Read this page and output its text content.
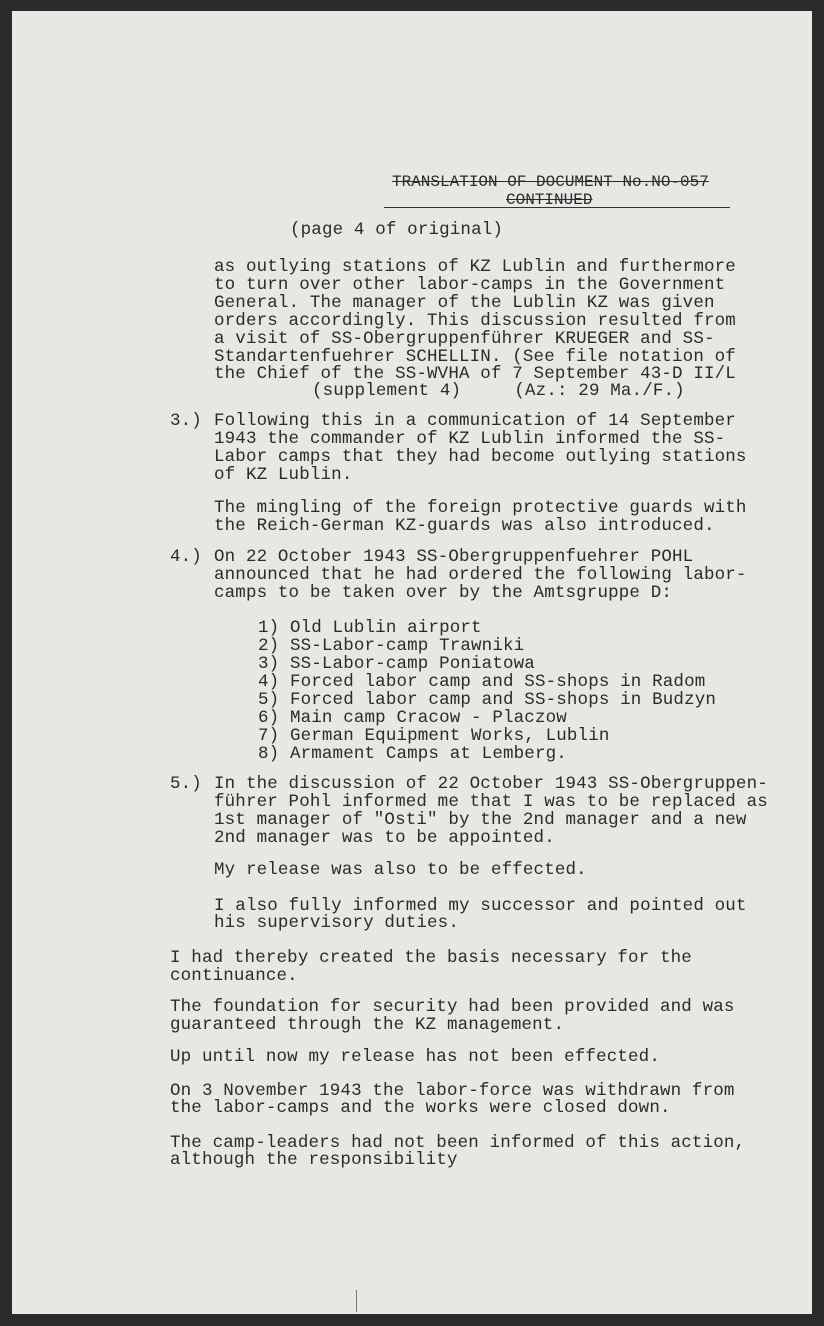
TRANSLATION OF DOCUMENT No.NO-057
CONTINUED
(page 4 of original)
as outlying stations of KZ Lublin and furthermore
to turn over other labor-camps in the Government
General. The manager of the Lublin KZ was given
orders accordingly. This discussion resulted from
a visit of SS-Obergruppenführer KRUEGER and SS-
Standartenfuehrer SCHELLIN. (See file notation of
the Chief of the SS-WVHA of 7 September 43-D II/L
(supplement 4)     (Az.: 29 Ma./F.)
3.) Following this in a communication of 14 September
1943 the commander of KZ Lublin informed the SS-
Labor camps that they had become outlying stations
of KZ Lublin.
The mingling of the foreign protective guards with
the Reich-German KZ-guards was also introduced.
4.) On 22 October 1943 SS-Obergruppenfuehrer POHL
announced that he had ordered the following labor-
camps to be taken over by the Amtsgruppe D:
1) Old Lublin airport
2) SS-Labor-camp Trawniki
3) SS-Labor-camp Poniatowa
4) Forced labor camp and SS-shops in Radom
5) Forced labor camp and SS-shops in Budzyn
6) Main camp Cracow - Placzow
7) German Equipment Works, Lublin
8) Armament Camps at Lemberg.
5.) In the discussion of 22 October 1943 SS-Obergruppen-
führer Pohl informed me that I was to be replaced as
1st manager of "Osti" by the 2nd manager and a new
2nd manager was to be appointed.
My release was also to be effected.
I also fully informed my successor and pointed out
his supervisory duties.
I had thereby created the basis necessary for the
continuance.
The foundation for security had been provided and was
guaranteed through the KZ management.
Up until now my release has not been effected.
On 3 November 1943 the labor-force was withdrawn from
the labor-camps and the works were closed down.
The camp-leaders had not been informed of this action,
although the responsibility
